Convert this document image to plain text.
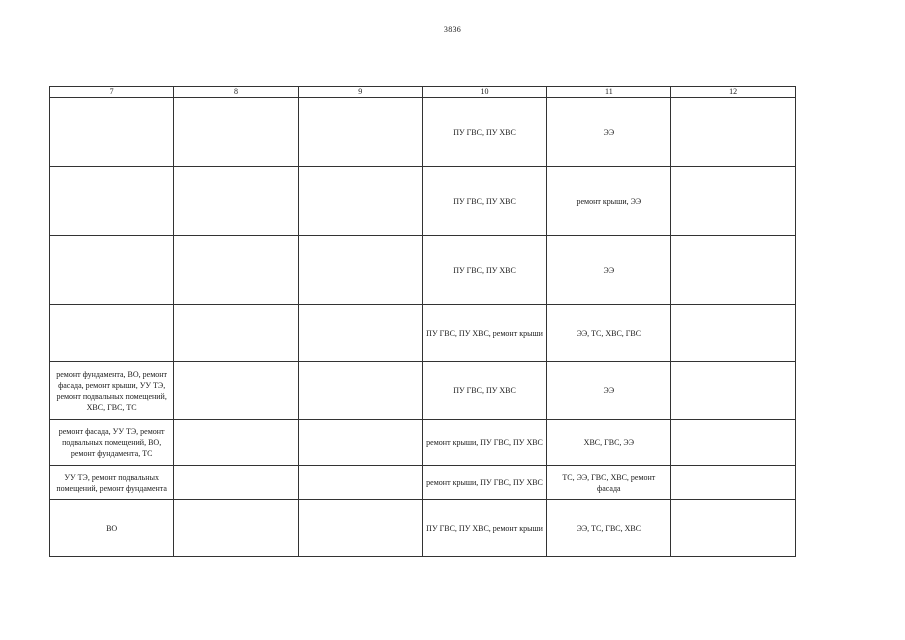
3836
7	8	9	10	11	12
			ПУ ГВС, ПУ ХВС	ЭЭ	
			ПУ ГВС, ПУ ХВС	ремонт крыши, ЭЭ	
			ПУ ГВС, ПУ ХВС	ЭЭ	
			ПУ ГВС, ПУ ХВС, ремонт крыши	ЭЭ, ТС, ХВС, ГВС	
ремонт фундамента, ВО, ремонт фасада, ремонт крыши, УУ ТЭ, ремонт подвальных помещений, ХВС, ГВС, ТС			ПУ ГВС, ПУ ХВС	ЭЭ	
ремонт фасада, УУ ТЭ, ремонт подвальных помещений, ВО, ремонт фундамента, ТС			ремонт крыши, ПУ ГВС, ПУ ХВС	ХВС, ГВС, ЭЭ	
УУ ТЭ, ремонт подвальных помещений, ремонт фундамента			ремонт крыши, ПУ ГВС, ПУ ХВС	ТС, ЭЭ, ГВС, ХВС, ремонт фасада	
ВО			ПУ ГВС, ПУ ХВС, ремонт крыши	ЭЭ, ТС, ГВС, ХВС	
